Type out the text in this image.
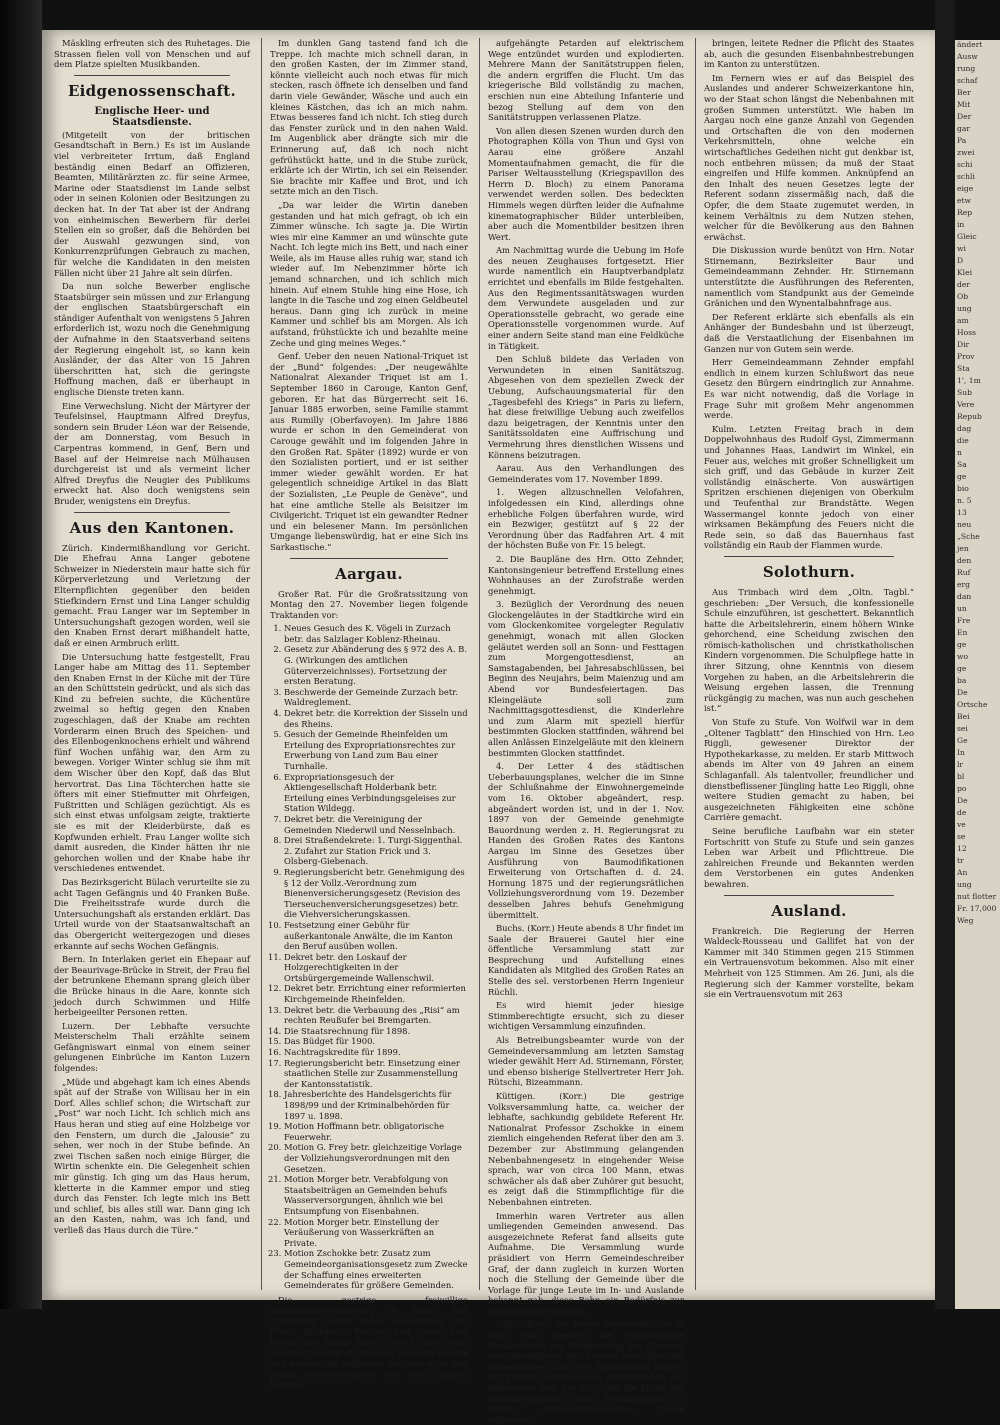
Mäskling erfreuten sich des Ruhetages. Die Strassen fielen voll von Menschen und auf dem Platze spielten Musikbanden.

Eidgenossenschaft.
Englische Heer- und Staatsdienste.

(Mitgeteilt von der britischen Gesandtschaft in Bern.) Es ist im Auslande viel verbreiteter Irrtum, daß England beständig einen Bedarf an Offizieren, Beamten, Militärärzten zc. für seine Armee, Marine oder Staatsdienst im Lande selbst oder in seinen Kolonien oder Besitzungen zu decken hat. In der Tat aber ist der Andrang von einheimischen Bewerbern für derlei Stellen ein so großer, daß die Behörden bei der Auswahl gezwungen sind, von Konkurrenzprüfungen Gebrauch zu machen, für welche die Kandidaten in den meisten Fällen nicht über 21 Jahre alt sein dürfen.

Da nun solche Bewerber englische Staatsbürger sein müssen und zur Erlangung der englischen Staatsbürgerschaft ein ständiger Aufenthalt von wenigstens 5 Jahren erforderlich ist, wozu noch die Genehmigung der Aufnahme in den Staatsverband seitens der Regierung eingeholt ist, so kann kein Ausländer, der das Alter von 15 Jahren überschritten hat, sich die geringste Hoffnung machen, daß er überhaupt in englische Dienste treten kann.

Eine Verwechslung. Nicht der Märtyrer der Teufelsinsel, Hauptmann Alfred Dreyfus, sondern sein Bruder Léon war der Reisende, der am Donnerstag, vom Besuch in Carpentras kommend, in Genf, Bern und Basel auf der Heimreise nach Mülhausen durchgereist ist und als vermeint licher Alfred Dreyfus die Neugier des Publikums erweckt hat. Also doch wenigstens sein Bruder, wenigstens ein Dreyfus.

Aus den Kantonen.

Zürich. Kindermißhandlung vor Gericht. Die Ehefrau Anna Langer gebotene Schweizer in Niederstein maur hatte sich für Körperverletzung und Verletzung der Elternpflichten gegenüber den beiden Stiefkindern Ernst und Lina Langer schuldig gemacht. Frau Langer war im September in Untersuchungshaft gezogen worden, weil sie den Knaben Ernst derart mißhandelt hatte, daß er einen Armbruch erlitt.

Die Untersuchung hatte festgestellt, Frau Langer habe am Mittag des 11. September den Knaben Ernst in der Küche mit der Türe an den Schüttstein gedrückt, und als sich das Kind zu befreien suchte, die Küchentüre zweimal so heftig gegen den Knaben zugeschlagen, daß der Knabe am rechten Vorderarm einen Bruch des Speichen- und des Ellenbogenknochens erhielt und während fünf Wochen unfähig war, den Arm zu bewegen. Voriger Winter schlug sie ihm mit dem Wischer über den Kopf, daß das Blut hervortrat. Das Lina Töchterchen hatte sie öfters mit einer Stiefmutter mit Ohrfeigen, Fußtritten und Schlägen gezüchtigt. Als es sich einst etwas unfolgsam zeigte, traktierte sie es mit der Kleiderbürste, daß es Kopfwunden erhielt. Frau Langer wollte sich damit ausreden, die Kinder hätten ihr nie gehorchen wollen und der Knabe habe ihr verschiedenes entwendet.

Das Bezirksgericht Bülach verurteilte sie zu acht Tagen Gefängnis und 40 Franken Buße. Die Freiheitsstrafe wurde durch die Untersuchungshaft als erstanden erklärt. Das Urteil wurde von der Staatsanwaltschaft an das Obergericht weitergezogen und dieses erkannte auf sechs Wochen Gefängnis.

Bern. In Interlaken geriet ein Ehepaar auf der Beaurivage-Brücke in Streit, der Frau fiel der betrunkene Ehemann sprang gleich über die Brücke hinaus in die Aare, konnte sich jedoch durch Schwimmen und Hilfe herbeigeeilter Personen retten.

Luzern. Der Lebhafte versuchte Meisterschelm Thali erzählte seinem Gefängniswart einmal von einem seiner gelungenen Einbrüche im Kanton Luzern folgendes:

„Müde und abgehagt kam ich eines Abends spät auf der Straße von Willisau her in ein Dorf. Alles schlief schon; die Wirtschaft zur „Post“ war noch Licht. Ich schlich mich ans Haus heran und stieg auf eine Holzbeige vor den Fenstern, um durch die „Jalousie“ zu sehen, wer noch in der Stube befinde. An zwei Tischen saßen noch einige Bürger, die Wirtin schenkte ein. Die Gelegenheit schien mir günstig. Ich ging um das Haus herum, kletterte in die Kammer empor und stieg durch das Fenster. Ich legte mich ins Bett und schlief, bis alles still war. Dann ging ich an den Kasten, nahm, was ich fand, und verließ das Haus durch die Türe.“

Im dunklen Gang tastend fand ich die Treppe. Ich machte mich schnell daran, in den großen Kasten, der im Zimmer stand, könnte vielleicht auch noch etwas für mich stecken, rasch öffnete ich denselben und fand darin viele Gewänder, Wäsche und auch ein kleines Kästchen, das ich an mich nahm. Etwas besseres fand ich nicht. Ich stieg durch das Fenster zurück und in den nahen Wald. Im Augenblick aber drängte sich mir die Erinnerung auf, daß ich noch nicht gefrühstückt hatte, und in die Stube zurück, erklärte ich der Wirtin, ich sei ein Reisender. Sie brachte mir Kaffee und Brot, und ich setzte mich an den Tisch.

„Da war leider die Wirtin daneben gestanden und hat mich gefragt, ob ich ein Zimmer wünsche. Ich sagte ja. Die Wirtin wies mir eine Kammer an und wünschte gute Nacht. Ich legte mich ins Bett, und nach einer Weile, als im Hause alles ruhig war, stand ich wieder auf. Im Nebenzimmer hörte ich jemand schnarchen, und ich schlich mich hinein. Auf einem Stuhle hing eine Hose, ich langte in die Tasche und zog einen Geldbeutel heraus. Dann ging ich zurück in meine Kammer und schlief bis am Morgen. Als ich aufstand, frühstückte ich und bezahlte meine Zeche und ging meines Weges.“

Genf. Ueber den neuen National-Triquet ist der „Bund“ folgendes: „Der neugewählte Nationalrat Alexander Triquet ist am 1. September 1860 in Carouge, Kanton Genf, geboren. Er hat das Bürgerrecht seit 16. Januar 1885 erworben, seine Familie stammt aus Rumilly (Oberfavoyen). Im Jahre 1886 wurde er schon in den Gemeinderat von Carouge gewählt und im folgenden Jahre in den Großen Rat. Später (1892) wurde er von den Sozialisten portiert, und er ist seither immer wieder gewählt worden. Er hat gelegentlich schneidige Artikel in das Blatt der Sozialisten, „Le Peuple de Genève“, und hat eine amtliche Stelle als Beisitzer im Civilgericht. Triquet ist ein gewandter Redner und ein belesener Mann. Im persönlichen Umgange liebenswürdig, hat er eine Sich ins Sarkastische.“

Aargau.

Großer Rat. Für die Großratssitzung von Montag den 27. November liegen folgende Traktanden vor:

1. Neues Gesuch des K. Vögeli in Zurzach betr. das Salzlager Koblenz-Rheinau.
2. Gesetz zur Abänderung des § 972 des A. B. G. (Wirkungen des amtlichen Güterverzeichnisses). Fortsetzung der ersten Beratung.
3. Beschwerde der Gemeinde Zurzach betr. Waldreglement.
4. Dekret betr. die Korrektion der Sisseln und des Rheins.
5. Gesuch der Gemeinde Rheinfelden um Erteilung des Expropriationsrechtes zur Erwerbung von Land zum Bau einer Turnhalle.
6. Expropriationsgesuch der Aktiengesellschaft Holderbank betr. Erteilung eines Verbindungsgeleises zur Station Wildegg.
7. Dekret betr. die Vereinigung der Gemeinden Niederwil und Nesselnbach.
8. Drei Straßendekrete: 1. Turgi-Siggenthal. 2. Zufahrt zur Station Frick und 3. Olsberg-Giebenach.
9. Regierungsbericht betr. Genehmigung des § 12 der Vollz.-Verordnung zum Bienenversicherungsgesetz (Revision des Tierseuchenversicherungsgesetzes) betr. die Viehversicherungskassen.
10. Festsetzung einer Gebühr für außerkantonale Anwälte, die im Kanton den Beruf ausüben wollen.
11. Dekret betr. den Loskauf der Holzgerechtigkeiten in der Ortsbürgergemeinde Wallenschwil.
12. Dekret betr. Errichtung einer reformierten Kirchgemeinde Rheinfelden.
13. Dekret betr. die Verbauung des „Risi“ am rechten Reußufer bei Bremgarten.
14. Die Staatsrechnung für 1898.
15. Das Büdget für 1900.
16. Nachtragskredite für 1899.
17. Regierungsbericht betr. Einsetzung einer staatlichen Stelle zur Zusammenstellung der Kantonsstatistik.
18. Jahresberichte des Handelsgerichts für 1898/99 und der Kriminalbehörden für 1897 u. 1898.
19. Motion Hoffmann betr. obligatorische Feuerwehr.
20. Motion G. Frey betr. gleichzeitige Vorlage der Vollziehungsverordnungen mit den Gesetzen.
21. Motion Morger betr. Verabfolgung von Staatsbeiträgen an Gemeinden behufs Wasserversorgungen, ähnlich wie bei Entsumpfung von Eisenbahnen.
22. Motion Morger betr. Einstellung der Veräußerung von Wasserkräften an Private.
23. Motion Zschokke betr. Zusatz zum Gemeindeorganisationsgesetz zum Zwecke der Schaffung eines erweiterten Gemeinderates für größere Gemeinden.

Die gestrige freiwillige Sanitätsfelddienstübung in Aarau und Umgebung nahm unter Oberleitung des Herrn Korpsarzt Bircher und unter dem Befehl des Herrn Major Nägeli einen sehr belebten Verlauf. Es nahmen mehrere hiesige und auswärtige Sektionen teil, und etwa 300 Mann Sanitätstruppen aus dem ganzen Kanton.

aufgehängte Petarden auf elektrischem Wege entzündet wurden und explodierten. Mehrere Mann der Sanitätstruppen fielen, die andern ergriffen die Flucht. Um das kriegerische Bild vollständig zu machen, erschien nun eine Abteilung Infanterie und bezog Stellung auf dem von den Sanitätstruppen verlassenen Platze.

Von allen diesen Szenen wurden durch den Photographen Kölla von Thun und Gysi von Aarau eine größere Anzahl Momentaufnahmen gemacht, die für die Pariser Weltausstellung (Kriegspavillon des Herrn D. Bloch) zu einem Panorama verwendet werden sollen. Des bedeckten Himmels wegen dürften leider die Aufnahme kinematographischer Bilder unterbleiben, aber auch die Momentbilder besitzen ihren Wert.

Am Nachmittag wurde die Uebung im Hofe des neuen Zeughauses fortgesetzt. Hier wurde namentlich ein Hauptverbandplatz errichtet und ebenfalls im Bilde festgehalten. Aus den Regimentssanitätswagen wurden dem Verwundete ausgeladen und zur Operationsstelle gebracht, wo gerade eine Operationsstelle vorgenommen wurde. Auf einer andern Seite stand man eine Feldküche in Tätigkeit.

Den Schluß bildete das Verladen von Verwundeten in einen Sanitätszug. Abgesehen von dem speziellen Zweck der Uebung, Aufschauungsmaterial für den „Tagesbefehl des Kriegs“ in Paris zu liefern, hat diese freiwillige Uebung auch zweifellos dazu beigetragen, der Kenntnis unter den Sanitätssoldaten eine Auffrischung und Vermehrung ihres dienstlichen Wissens und Könnens beizutragen.

Aarau. Aus den Verhandlungen des Gemeinderates vom 17. November 1899.

1. Wegen allzuschnellen Velofahren, infolgedessen ein Kind, allerdings ohne erhebliche Folgen überfahren wurde, wird ein Bezwiger, gestützt auf § 22 der Verordnung über das Radfahren Art. 4 mit der höchsten Buße von Fr. 15 belegt.

2. Die Baupläne des Hrn. Otto Zehnder, Kantonsingenieur betreffend Erstellung eines Wohnhauses an der Zurofstraße werden genehmigt.

3. Bezüglich der Verordnung des neuen Glockengeläutes in der Stadtkirche wird ein vom Glockenkomitee vorgelegter Regulativ genehmigt, wonach mit allen Glocken geläutet werden soll an Sonn- und Festtagen zum Morgengottesdienst, an Samstagabenden, bei Jahresabschlüssen, bei Beginn des Neujahrs, beim Maienzug und am Abend vor Bundesfeiertagen. Das Kleingeläute soll zum Nachmittagsgottesdienst, die Kinderlehre und zum Alarm mit speziell hierfür bestimmten Glocken stattfinden, während bei allen Anlässen Einzelgeläute mit den kleinern bestimmten Glocken stattfindet.

4. Der Letter 4 des städtischen Ueberbauungsplanes, welcher die im Sinne der Schlußnahme der Einwohnergemeinde vom 16. Oktober abgeändert, resp. abgeändert worden ist, und in der 1. Nov. 1897 von der Gemeinde genehmigte Bauordnung werden z. H. Regierungsrat zu Handen des Großen Rates des Kantons Aargau im Sinne des Gesetzes über Ausführung von Baumodifikationen Erweiterung von Ortschaften d. d. 24. Hornung 1875 und der regierungsrätlichen Vollziehungsverordnung vom 19. Dezember desselben Jahres behufs Genehmigung übermittelt.

Buchs. (Korr.) Heute abends 8 Uhr findet im Saale der Brauerei Gautel hier eine öffentliche Versammlung statt zur Besprechung und Aufstellung eines Kandidaten als Mitglied des Großen Rates an Stelle des sel. verstorbenen Herrn Ingenieur Rüchli.

Es wird hiemit jeder hiesige Stimmberechtigte ersucht, sich zu dieser wichtigen Versammlung einzufinden.

Als Betreibungsbeamter wurde von der Gemeindeversammlung am letzten Samstag wieder gewählt Herr Ad. Stirnemann, Förster, und ebenso bisherige Stellvertreter Herr Joh. Rütschi, Bizeammann.

Küttigen. (Korr.) Die gestrige Volksversammlung hatte, ca. weicher der lebhafte, sachkundig gebildete Referent Hr. Nationalrat Professor Zschokke in einem ziemlich eingehenden Referat über den am 3. Dezember zur Abstimmung gelangenden Nebenbahnengesetz in eingehender Weise sprach, war von circa 100 Mann, etwas schwächer als daß aber Zuhörer gut besucht, es zeigt daß die Stimmpflichtige für die Nebenbahnen eintreten.

Immerhin waren Vertreter aus allen umliegenden Gemeinden anwesend. Das ausgezeichnete Referat fand allseits gute Aufnahme. Die Versammlung wurde präsidiert von Herrn Gemeindeschreiber Graf, der dann zugleich in kurzen Worten noch die Stellung der Gemeinde über die Vorlage für junge Leute im In- und Auslande bekannt gab, diese Bahn ein Bedürfnis zur Genehmigung empfahl.

Suhr. (Korr.) Im neuen Gemeindesaale in Suhr fand gestern die angekündigte Versammlung zur Besprechung des Gesetzes betr. Beteiligung des Staates beim Bau der Nebenbahnen statt. Die Anwesenden folgten mit großem Interesse den Ausführungen des Referenten Reg.-Rat Käri, der die Frage der Staatsbeteiligung beim Eisenbahnbau in klarer, gemeinverständlicher Weise erläuterte.

bringen, leitete Redner die Pflicht des Staates ab, auch die gesunden Eisenbahnbestrebungen im Kanton zu unterstützen.

Im Fernern wies er auf das Beispiel des Auslandes und anderer Schweizerkantone hin, wo der Staat schon längst die Nebenbahnen mit großen Summen unterstützt. Wie haben im Aargau noch eine ganze Anzahl von Gegenden und Ortschaften die von den modernen Verkehrsmitteln, ohne welche ein wirtschaftliches Gedeihen nicht gut denkbar ist, noch entbehren müssen; da muß der Staat eingreifen und Hilfe kommen. Anknüpfend an den Inhalt des neuen Gesetzes legte der Referent sodann zissermäßig nach, daß die Opfer, die dem Staate zugemutet werden, in keinem Verhältnis zu dem Nutzen stehen, welcher für die Bevölkerung aus den Bahnen erwächst.

Die Diskussion wurde benützt von Hrn. Notar Stirnemann, Bezirksleiter Baur und Gemeindeammann Zehnder. Hr. Stirnemann unterstützte die Ausführungen des Referenten, namentlich vom Standpunkt aus der Gemeinde Gränichen und den Wynentalbahnfrage aus.

Der Referent erklärte sich ebenfalls als ein Anhänger der Bundesbahn und ist überzeugt, daß die Verstaatlichung der Eisenbahnen im Ganzen nur von Gutem sein werde.

Herr Gemeindeammann Zehnder empfahl endlich in einem kurzen Schlußwort das neue Gesetz den Bürgern eindringlich zur Annahme. Es war nicht notwendig, daß die Vorlage in Frage Suhr mit großem Mehr angenommen werde.

Kulm. Letzten Freitag brach in dem Doppelwohnhaus des Rudolf Gysi, Zimmermann und Johannes Haas, Landwirt im Winkel, ein Feuer aus, welches mit großer Schnelligkeit um sich griff, und das Gebäude in kurzer Zeit vollständig einäscherte. Von auswärtigen Spritzen erschienen diejenigen von Oberkulm und Teufenthal zur Brandstätte. Wegen Wassermangel konnte jedoch von einer wirksamen Bekämpfung des Feuers nicht die Rede sein, so daß das Bauernhaus fast vollständig ein Raub der Flammen wurde.

Solothurn.

Aus Trimbach wird dem „Oltn. Tagbl.“ geschrieben: „Der Versuch, die konfessionelle Schule einzuführen, ist geschettert. Bekanntlich hatte die Arbeitslehrerin, einem höhern Winke gehorchend, eine Scheidung zwischen den römisch-katholischen und christkatholischen Kindern vorgenommen. Die Schulpflege hatte in ihrer Sitzung, ohne Kenntnis von diesem Vorgehen zu haben, an die Arbeitslehrerin die Weisung ergehen lassen, die Trennung rückgängig zu machen, was nun auch geschehen ist.“

Von Stufe zu Stufe. Von Wolfwil war in dem „Oltener Tagblatt“ den Hinschied von Hrn. Leo Riggli, gewesener Direktor der Hypothekarkasse, zu melden. Er starb Mittwoch abends im Alter von 49 Jahren an einem Schlaganfall. Als talentvoller, freundlicher und dienstbeflissener Jüngling hatte Leo Riggli, ohne weitere Studien gemacht zu haben, bei ausgezeichneten Fähigkeiten eine schöne Carrière gemacht.

Seine berufliche Laufbahn war ein steter Fortschritt von Stufe zu Stufe und sein ganzes Leben war Arbeit und Pflichttreue. Die zahlreichen Freunde und Bekannten werden dem Verstorbenen ein gutes Andenken bewahren.

Ausland.

Frankreich. Die Regierung der Herren Waldeck-Rousseau und Gallifet hat von der Kammer mit 340 Stimmen gegen 215 Stimmen ein Vertrauensvotum bekommen. Also mit einer Mehrheit von 125 Stimmen. Am 26. Juni, als die Regierung sich der Kammer vorstellte, bekam sie ein Vertrauensvotum mit 263

ändert

Ausw

rung

schaf

Ber

Mit

Der

gar

Pa

zwei

schi

schli

eige

etw

Rep

in

Gleic

wi

D

Klei

der

Ob

ung

am

Hoss

Dir

Prov

Sta

1', 1m

Sub

Vere

Repub

dag

die

n

Sa

ge

bio

n. 5

13

neu

„Sche

jen

den

Ruf

erg

dan

un

Fre

En

ge

wo

ge

ba

De

Ortsche

Bei

sei

Ge

In

lr

bl

po

De

de

ve

se

12

tr

An

ung

nut flotter

Fr. 17,000

Weg
